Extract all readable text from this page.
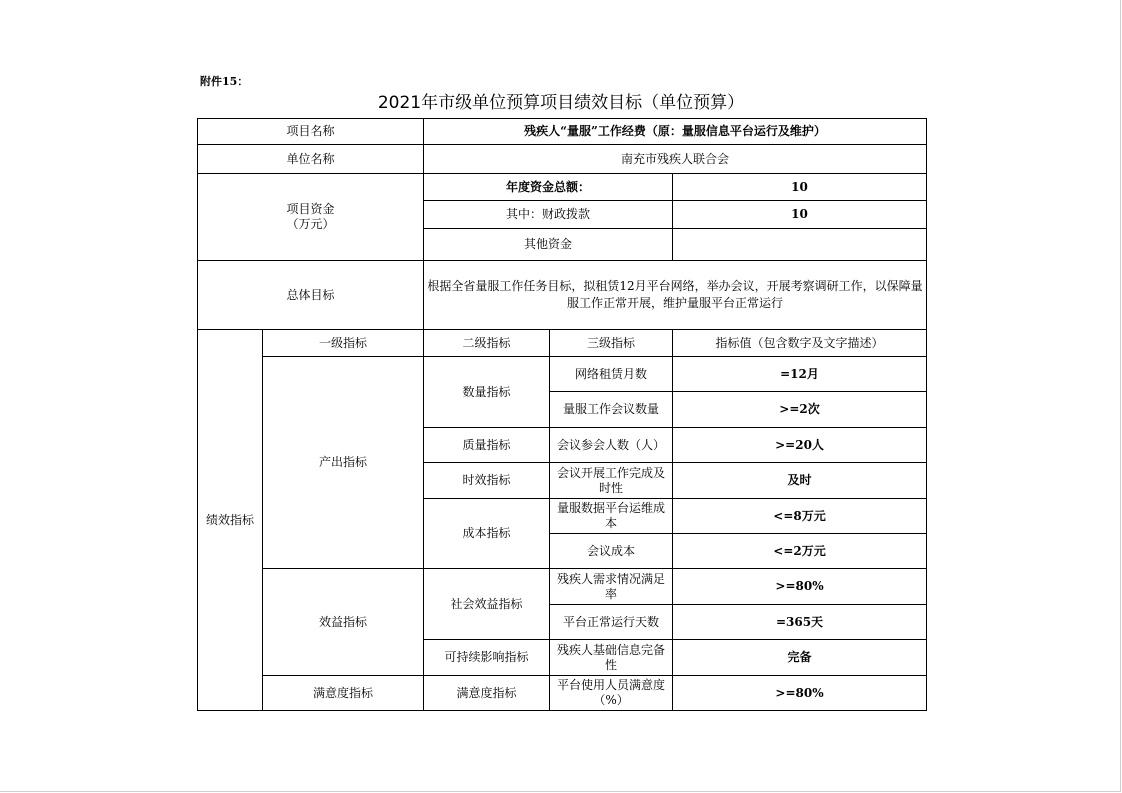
附件15：
2021年市级单位预算项目绩效目标（单位预算）
项目名称		残疾人“量服”工作经费（原：量服信息平台运行及维护）		
单位名称		南充市残疾人联合会		

项目资金
（万元）		年度资金总额：		10
		其中：财政拨款		10
		其他资金		
总体目标		根据全省量服工作任务目标，拟租赁12月平台网络，举办会议，开展考察调研工作，以保障量服工作正常开展，维护量服平台正常运行		

绩效指标	一级指标	二级指标	三级指标	指标值（包含数字及文字描述）
	产出指标	数量指标	网络租赁月数	=12月
			量服工作会议数量	>=2次
		质量指标	会议参会人数（人）	>=20人
		时效指标	会议开展工作完成及时性	及时
		成本指标	量服数据平台运维成本	<=8万元
			会议成本	<=2万元
	效益指标	社会效益指标	残疾人需求情况满足率	>=80%
			平台正常运行天数	=365天
		可持续影响指标	残疾人基础信息完备性	完备
	满意度指标	满意度指标	平台使用人员满意度（%）	>=80%
